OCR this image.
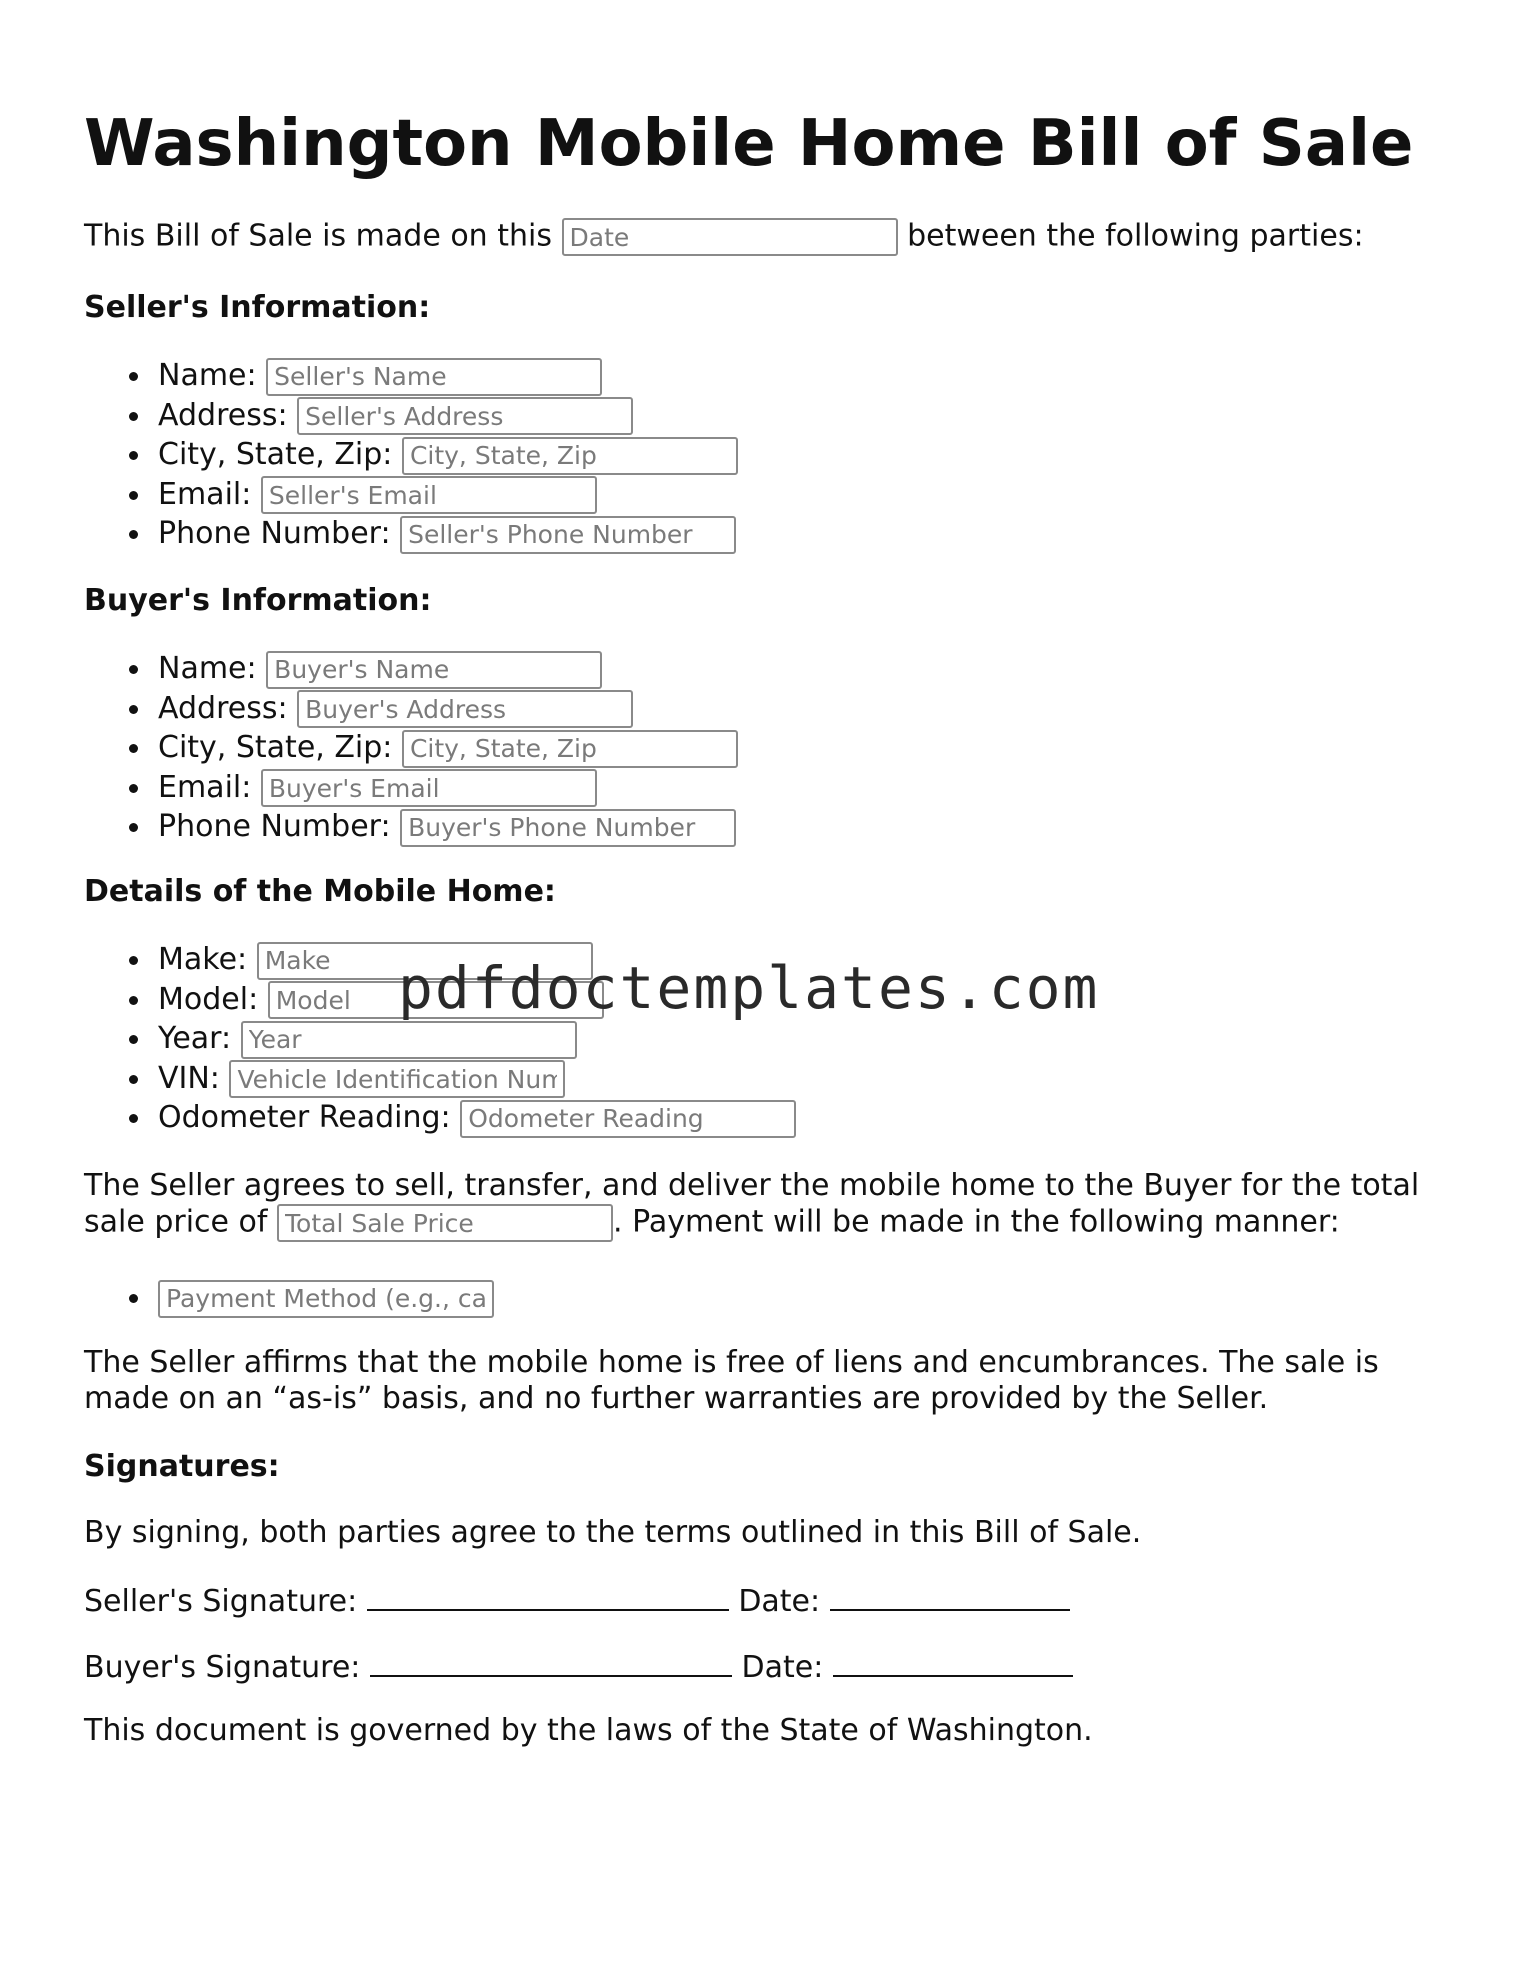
Washington Mobile Home Bill of Sale
This Bill of Sale is made on this Date	between the following parties:
Seller's Information:
Name: Seller's Name
Address: Seller's Address
City, State, Zip: City, State, Zip
Email: Seller's Email
Phone Number: Seller's Phone Number
Buyer's Information:
Name: Buyer's Name
Address: Buyer's Address
City, State, Zip: City, State, Zip
Email: Buyer's Email
Phone Number: Buyer's Phone Number
Details of the Mobile Home:
Make: Make
Model: Model
Year: Year
VIN: Vehicle Identification Number
Odometer Reading: Odometer Reading
The Seller agrees to sell, transfer, and deliver the mobile home to the Buyer for the total
sale price of Total Sale Price	. Payment will be made in the following manner:
Payment Method (e.g., cash, check)
The Seller affirms that the mobile home is free of liens and encumbrances. The sale is
made on an “as-is” basis, and no further warranties are provided by the Seller.
Signatures:
By signing, both parties agree to the terms outlined in this Bill of Sale.
Seller's Signature:	Date:
Buyer's Signature:	Date:
This document is governed by the laws of the State of Washington.
pdfdoctemplates.com
